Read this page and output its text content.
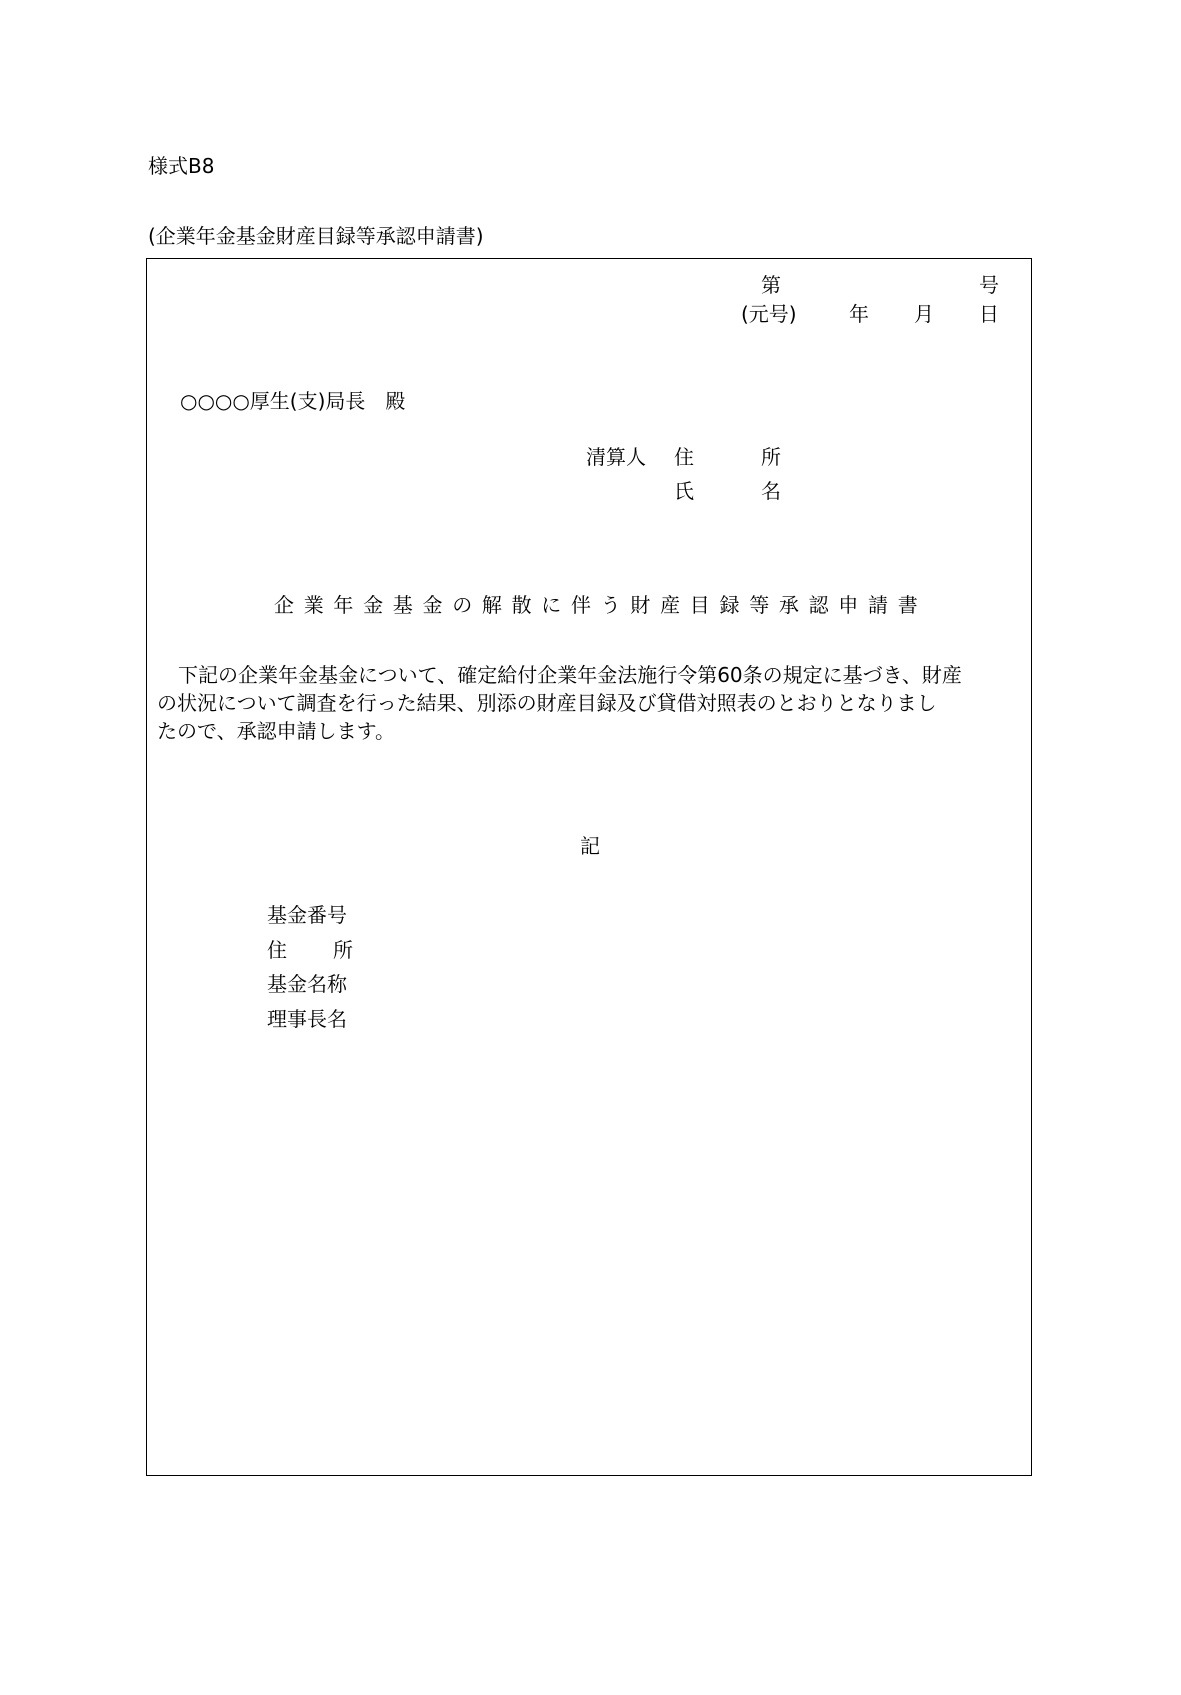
様式B8
(企業年金基金財産目録等承認申請書)
第	号
(元号)	年 月 日
○○○○厚生(支)局長　殿
清算人 住	所
氏	名
企業年金基金の解散に伴う財産目録等承認申請書
下記の企業年金基金について、確定給付企業年金法施行令第60条の規定に基づき、財産
の状況について調査を行った結果、別添の財産目録及び貸借対照表のとおりとなりまし
たので、承認申請します。
記
基金番号
住 所
基金名称
理事長名
